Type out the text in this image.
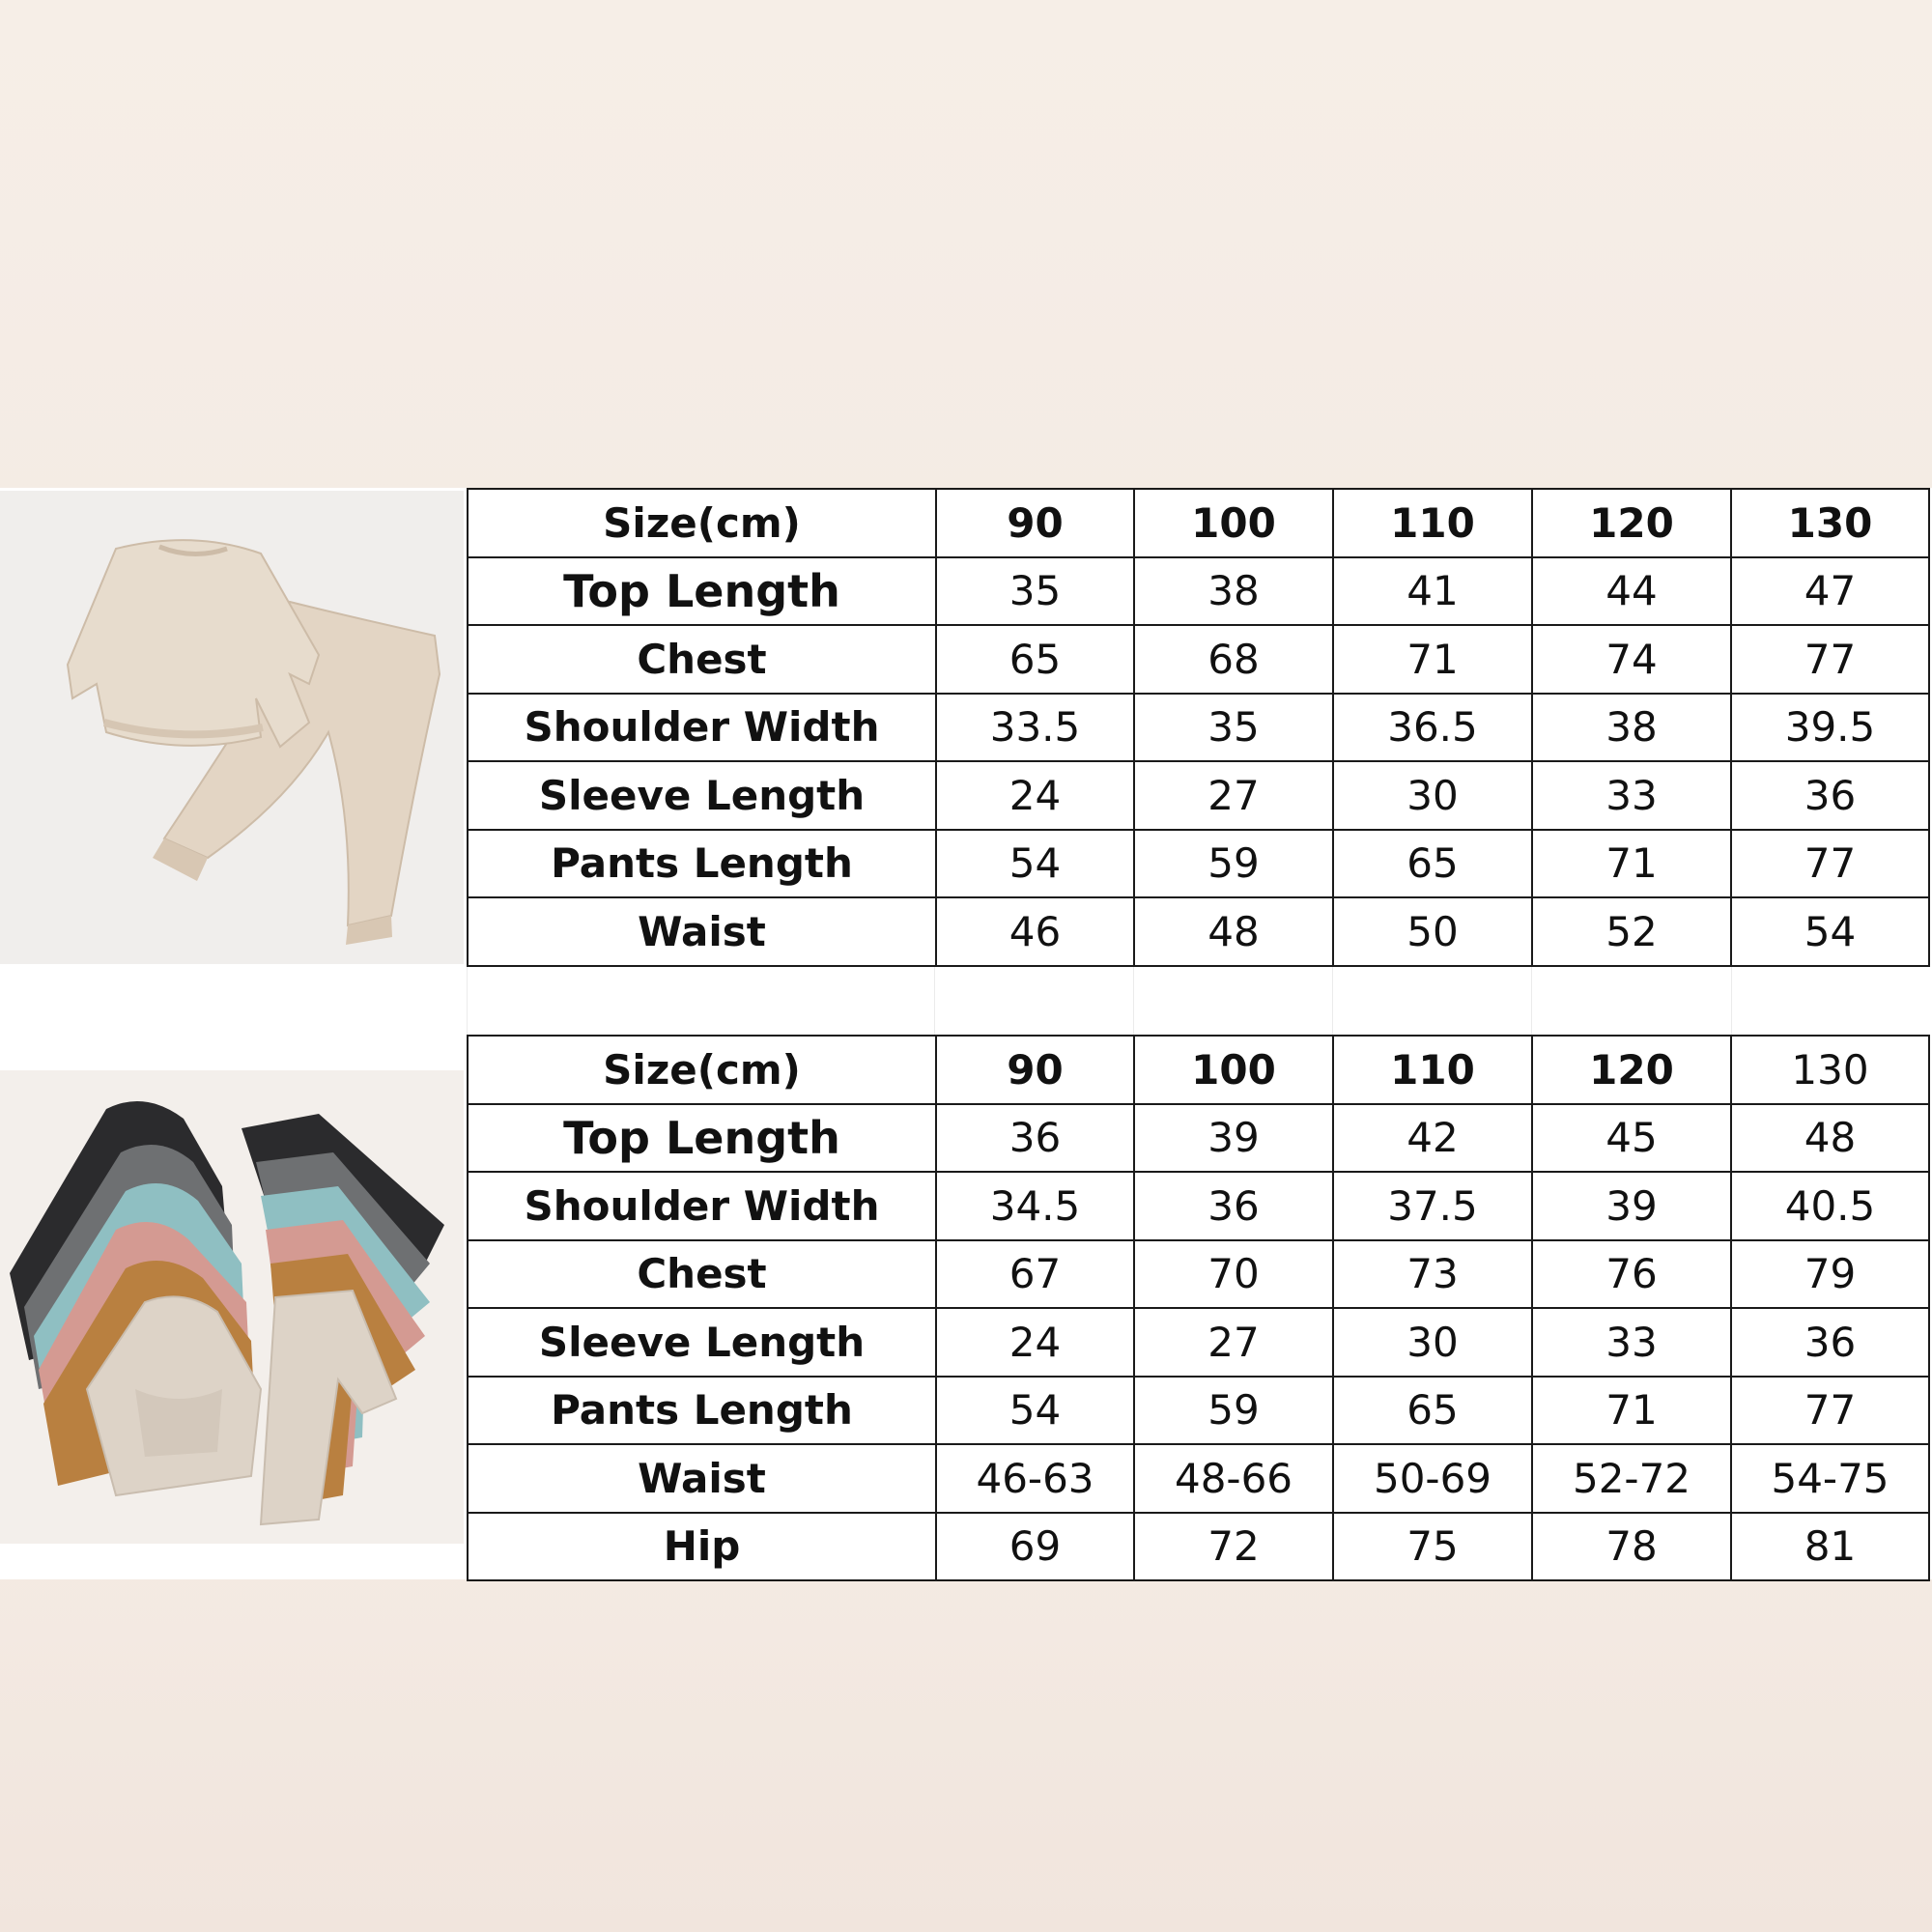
Size(cm)	90	100	110	120	130
Top Length	35	38	41	44	47
Chest	65	68	71	74	77
Shoulder Width	33.5	35	36.5	38	39.5
Sleeve Length	24	27	30	33	36
Pants Length	54	59	65	71	77
Waist	46	48	50	52	54
Size(cm)	90	100	110	120	130
Top Length	36	39	42	45	48
Shoulder Width	34.5	36	37.5	39	40.5
Chest	67	70	73	76	79
Sleeve Length	24	27	30	33	36
Pants Length	54	59	65	71	77
Waist	46-63	48-66	50-69	52-72	54-75
Hip	69	72	75	78	81
